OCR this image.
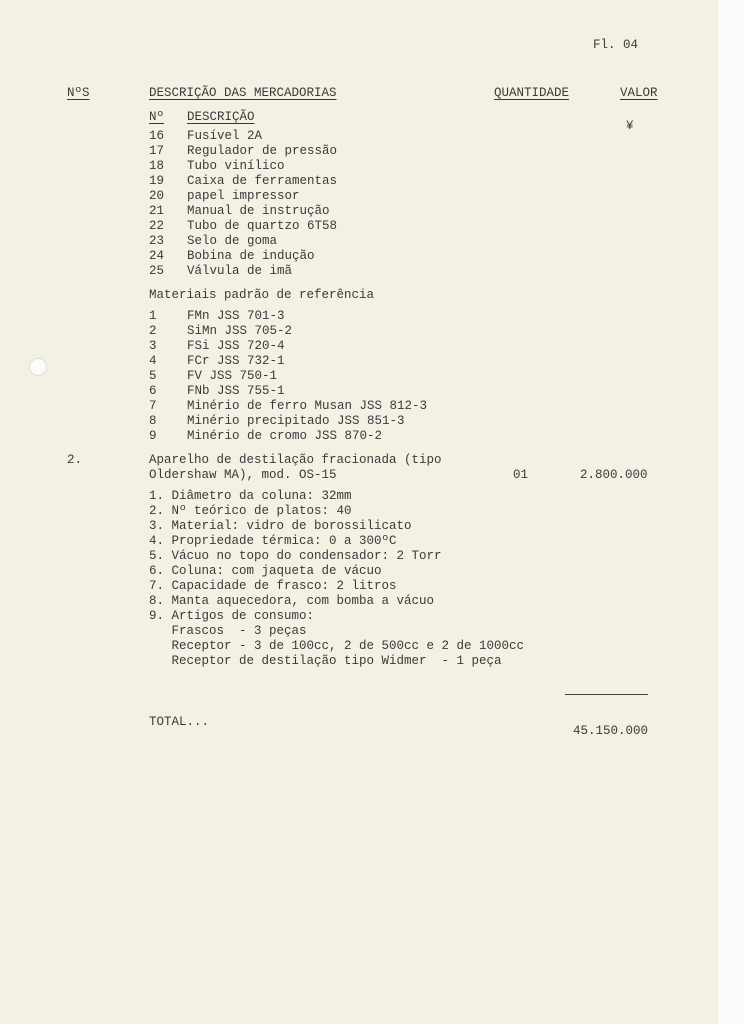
Fl. 04
NºS	DESCRIÇÃO DAS MERCADORIAS	QUANTIDADE	VALOR
Nº DESCRIÇÃO
¥
16 Fusível 2A
17 Regulador de pressão
18 Tubo vinílico
19 Caixa de ferramentas
20 papel impressor
21 Manual de instrução
22 Tubo de quartzo 6T58
23 Selo de goma
24 Bobina de indução
25 Válvula de imã
Materiais padrão de referência
1 FMn JSS 701-3
2 SiMn JSS 705-2
3 FSi JSS 720-4
4 FCr JSS 732-1
5 FV JSS 750-1
6 FNb JSS 755-1
7 Minério de ferro Musan JSS 812-3
8 Minério precipitado JSS 851-3
9 Minério de cromo JSS 870-2
2.	Aparelho de destilação fracionada (tipo
Oldershaw MA), mod. OS-15	01	2.800.000
1. Diâmetro da coluna: 32mm
2. Nº teórico de platos: 40
3. Material: vidro de borossilicato
4. Propriedade térmica: 0 a 300ºC
5. Vácuo no topo do condensador: 2 Torr
6. Coluna: com jaqueta de vácuo
7. Capacidade de frasco: 2 litros
8. Manta aquecedora, com bomba a vácuo
9. Artigos de consumo:
Frascos  - 3 peças
Receptor - 3 de 100cc, 2 de 500cc e 2 de 1000cc
Receptor de destilação tipo Widmer  - 1 peça
TOTAL...
45.150.000
